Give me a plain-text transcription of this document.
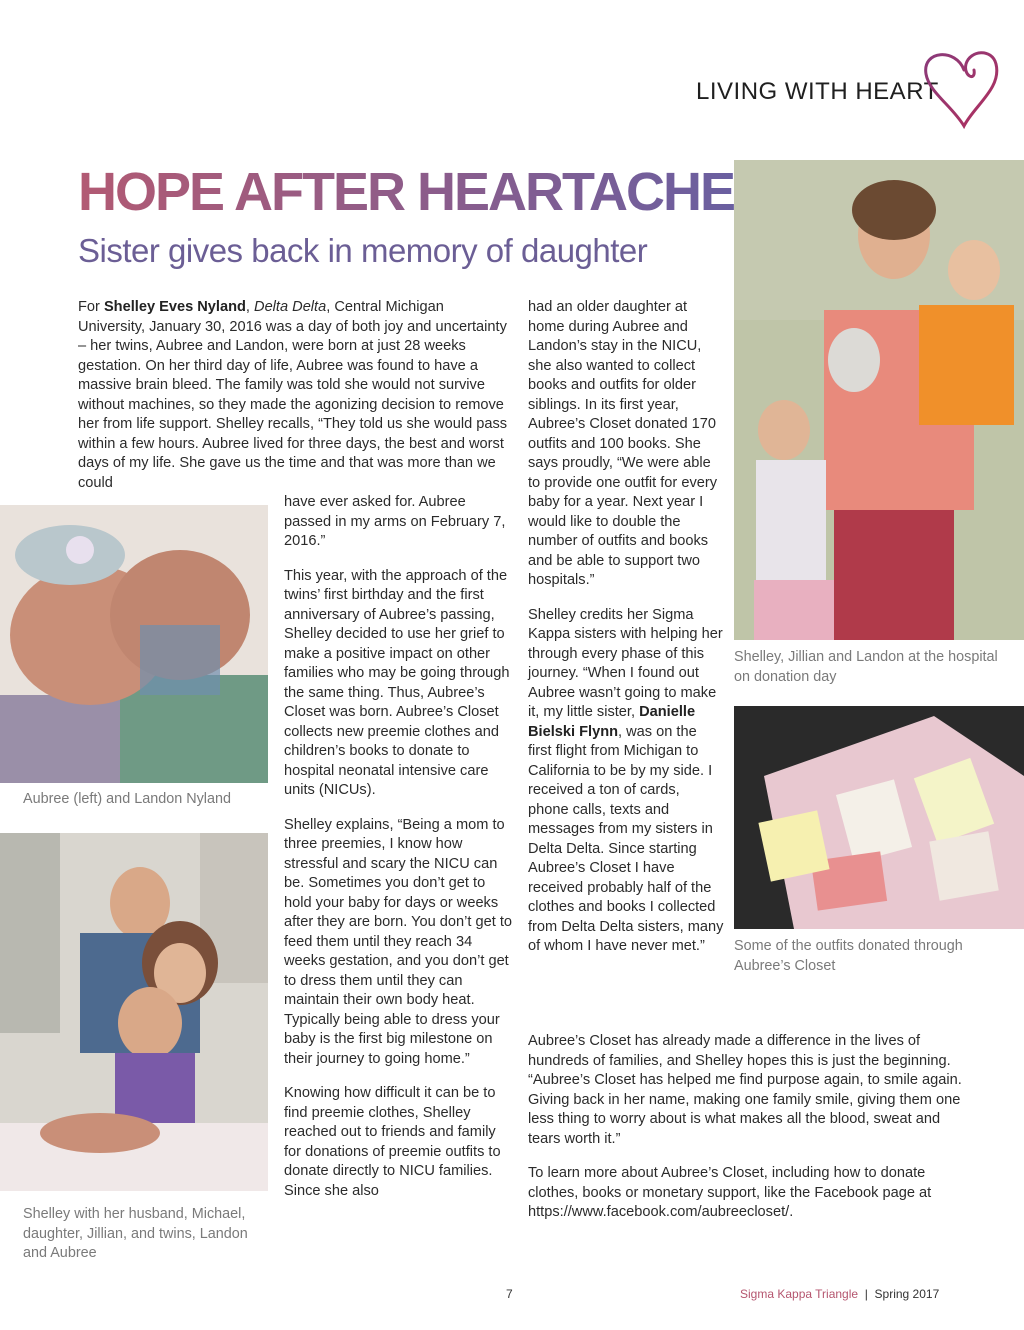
LIVING WITH HEART
HOPE AFTER HEARTACHE
Sister gives back in memory of daughter

For Shelley Eves Nyland, Delta Delta, Central Michigan University, January 30, 2016 was a day of both joy and uncertainty – her twins, Aubree and Landon, were born at just 28 weeks gestation. On her third day of life, Aubree was found to have a massive brain bleed. The family was told she would not survive without machines, so they made the agonizing decision to remove her from life support. Shelley recalls, “They told us she would pass within a few hours. Aubree lived for three days, the best and worst days of my life. She gave us the time and that was more than we could

have ever asked for. Aubree passed in my arms on February 7, 2016.”

This year, with the approach of the twins’ first birthday and the first anniversary of Aubree’s passing, Shelley decided to use her grief to make a positive impact on other families who may be going through the same thing. Thus, Aubree’s Closet was born. Aubree’s Closet collects new preemie clothes and children’s books to donate to hospital neonatal intensive care units (NICUs).

Shelley explains, “Being a mom to three preemies, I know how stressful and scary the NICU can be. Sometimes you don’t get to hold your baby for days or weeks after they are born. You don’t get to feed them until they reach 34 weeks gestation, and you don’t get to dress them until they can maintain their own body heat. Typically being able to dress your baby is the first big milestone on their journey to going home.”

Knowing how difficult it can be to find preemie clothes, Shelley reached out to friends and family for donations of preemie outfits to donate directly to NICU families. Since she also

had an older daughter at home during Aubree and Landon’s stay in the NICU, she also wanted to collect books and outfits for older siblings. In its first year, Aubree’s Closet donated 170 outfits and 100 books. She says proudly, “We were able to provide one outfit for every baby for a year. Next year I would like to double the number of outfits and books and be able to support two hospitals.”

Shelley credits her Sigma Kappa sisters with helping her through every phase of this journey. “When I found out Aubree wasn’t going to make it, my little sister, Danielle Bielski Flynn, was on the first flight from Michigan to California to be by my side. I received a ton of cards, phone calls, texts and messages from my sisters in Delta Delta. Since starting Aubree’s Closet I have received probably half of the clothes and books I collected from Delta Delta sisters, many of whom I have never met.”

Aubree’s Closet has already made a difference in the lives of hundreds of families, and Shelley hopes this is just the beginning. “Aubree’s Closet has helped me find purpose again, to smile again. Giving back in her name, making one family smile, giving them one less thing to worry about is what makes all the blood, sweat and tears worth it.”

To learn more about Aubree’s Closet, including how to donate clothes, books or monetary support, like the Facebook page at https://www.facebook.com/aubreecloset/.

Aubree (left) and Landon Nyland
Shelley with her husband, Michael, daughter, Jillian, and twins, Landon and Aubree
Shelley, Jillian and Landon at the hospital on donation day
Some of the outfits donated through Aubree’s Closet
7	Sigma Kappa Triangle  |  Spring 2017
